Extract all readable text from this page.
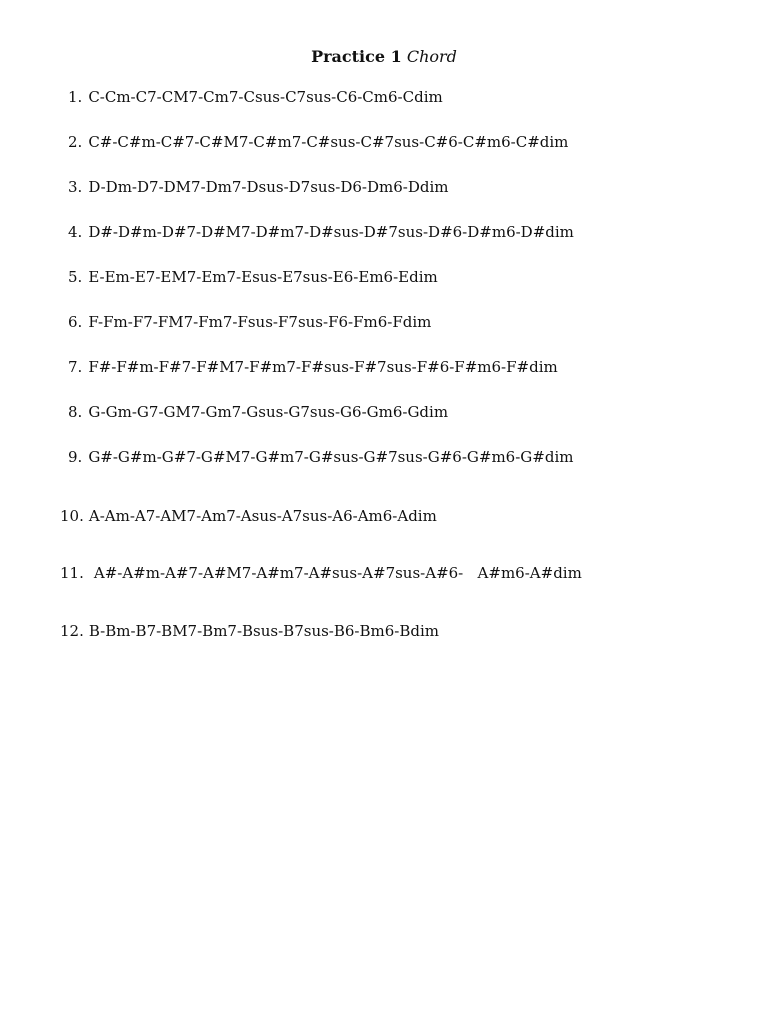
Practice 1 Chord
1. C-Cm-C7-CM7-Cm7-Csus-C7sus-C6-Cm6-Cdim
2. C#-C#m-C#7-C#M7-C#m7-C#sus-C#7sus-C#6-C#m6-C#dim
3. D-Dm-D7-DM7-Dm7-Dsus-D7sus-D6-Dm6-Ddim
4. D#-D#m-D#7-D#M7-D#m7-D#sus-D#7sus-D#6-D#m6-D#dim
5. E-Em-E7-EM7-Em7-Esus-E7sus-E6-Em6-Edim
6. F-Fm-F7-FM7-Fm7-Fsus-F7sus-F6-Fm6-Fdim
7. F#-F#m-F#7-F#M7-F#m7-F#sus-F#7sus-F#6-F#m6-F#dim
8. G-Gm-G7-GM7-Gm7-Gsus-G7sus-G6-Gm6-Gdim
9. G#-G#m-G#7-G#M7-G#m7-G#sus-G#7sus-G#6-G#m6-G#dim
10. A-Am-A7-AM7-Am7-Asus-A7sus-A6-Am6-Adim
11. A#-A#m-A#7-A#M7-A#m7-A#sus-A#7sus-A#6-   A#m6-A#dim
12. B-Bm-B7-BM7-Bm7-Bsus-B7sus-B6-Bm6-Bdim
